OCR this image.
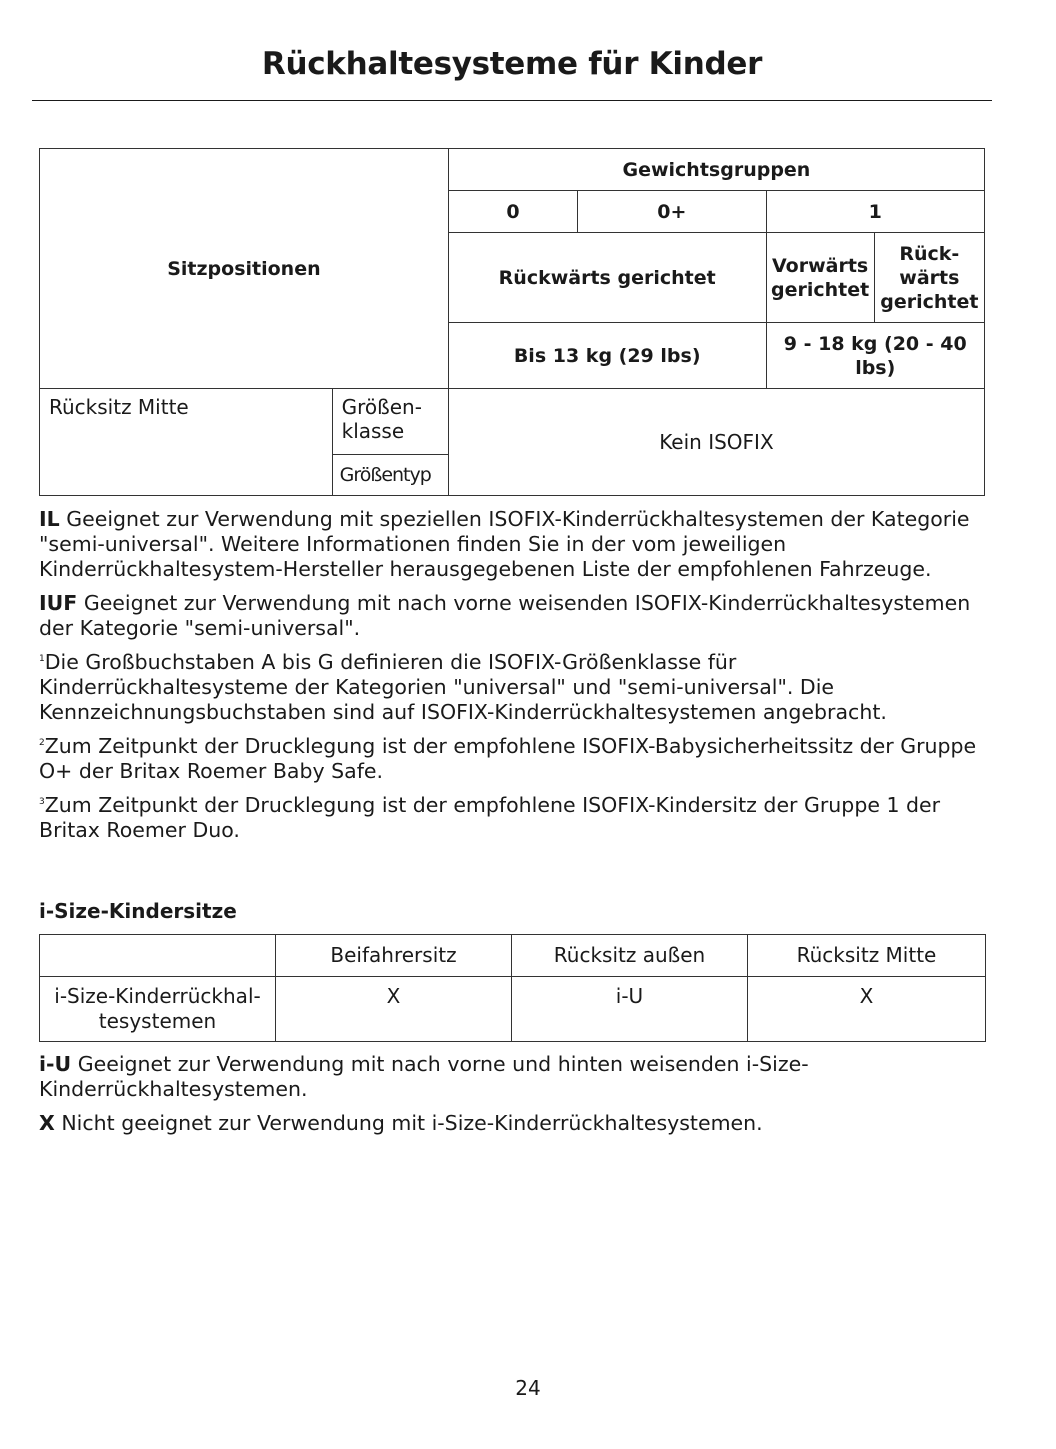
Rückhaltesysteme für Kinder
Sitzpositionen		Gewichtsgruppen			
		0	0+	1	
		Rückwärts gerichtet		Vorwärts gerichtet	Rück- wärts gerichtet
		Bis 13 kg (29 lbs)		9 - 18 kg (20 - 40 lbs)	
Rücksitz Mitte	Größen- klasse	Kein ISOFIX			
	Größentyp				

IL Geeignet zur Verwendung mit speziellen ISOFIX-Kinderrückhaltesystemen der Kategorie "semi-universal". Weitere Informationen finden Sie in der vom jeweiligen Kinderrückhaltesystem-Hersteller herausgegebenen Liste der empfohlenen Fahrzeuge.

IUF Geeignet zur Verwendung mit nach vorne weisenden ISOFIX-Kinderrückhaltesystemen der Kategorie "semi-universal".

$^1$Die Großbuchstaben A bis G definieren die ISOFIX-Größenklasse für Kinderrückhaltesysteme der Kategorien "universal" und "semi-universal". Die Kennzeichnungsbuchstaben sind auf ISOFIX-Kinderrückhaltesystemen angebracht.

$^2$Zum Zeitpunkt der Drucklegung ist der empfohlene ISOFIX-Babysicherheitssitz der Gruppe O+ der Britax Roemer Baby Safe.

$^3$Zum Zeitpunkt der Drucklegung ist der empfohlene ISOFIX-Kindersitz der Gruppe 1 der Britax Roemer Duo.

i-Size-Kindersitze
	Beifahrersitz	Rücksitz außen	Rücksitz Mitte
i-Size-Kinderrückhal- tesystemen	X	i-U	X

i-U Geeignet zur Verwendung mit nach vorne und hinten weisenden i-Size-Kinderrückhaltesystemen.

X Nicht geeignet zur Verwendung mit i-Size-Kinderrückhaltesystemen.

24
